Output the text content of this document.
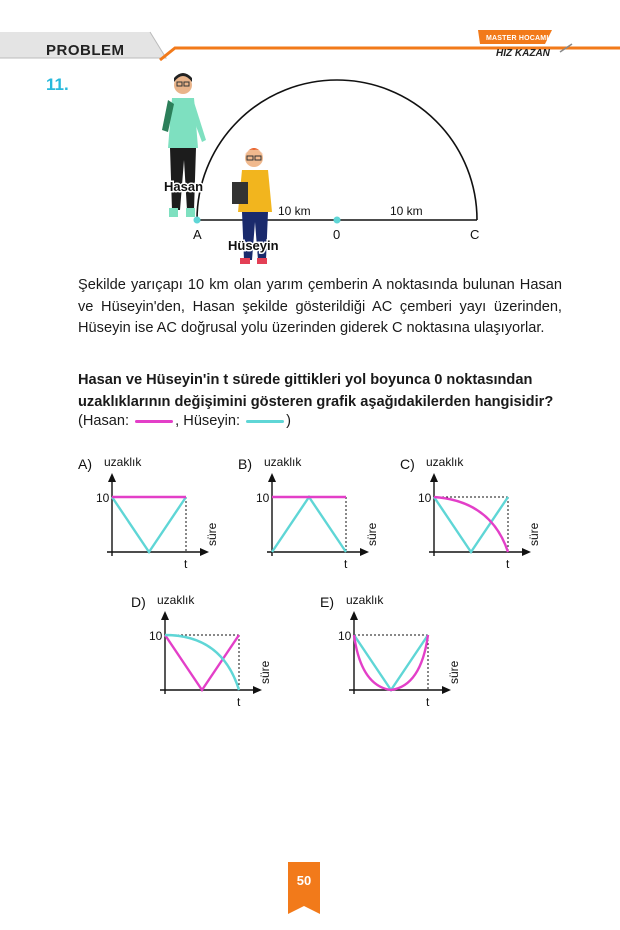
PROBLEM
MASTER HOCAMLA
HIZ KAZAN
11.
Hasan
Hüseyin
A	0	C
10 km	10 km
Şekilde yarıçapı 10 km olan yarım çemberin A noktasında bulunan Hasan ve Hüseyin'den, Hasan şekilde gösterildiği AC çemberi yayı üzerinden, Hüseyin ise AC doğrusal yolu üzerinden giderek C noktasına ulaşıyorlar.
Hasan ve Hüseyin'in t sürede gittikleri yol boyunca 0 noktasından uzaklıklarının değişimini gösteren grafik aşağıdakilerden hangisidir?
(Hasan:	, Hüseyin:	)
A) uzaklık
10
t
süre
B) uzaklık
10
t
süre
C) uzaklık
10
t
süre
D) uzaklık
10
t
süre
E) uzaklık
10
t
süre
50
